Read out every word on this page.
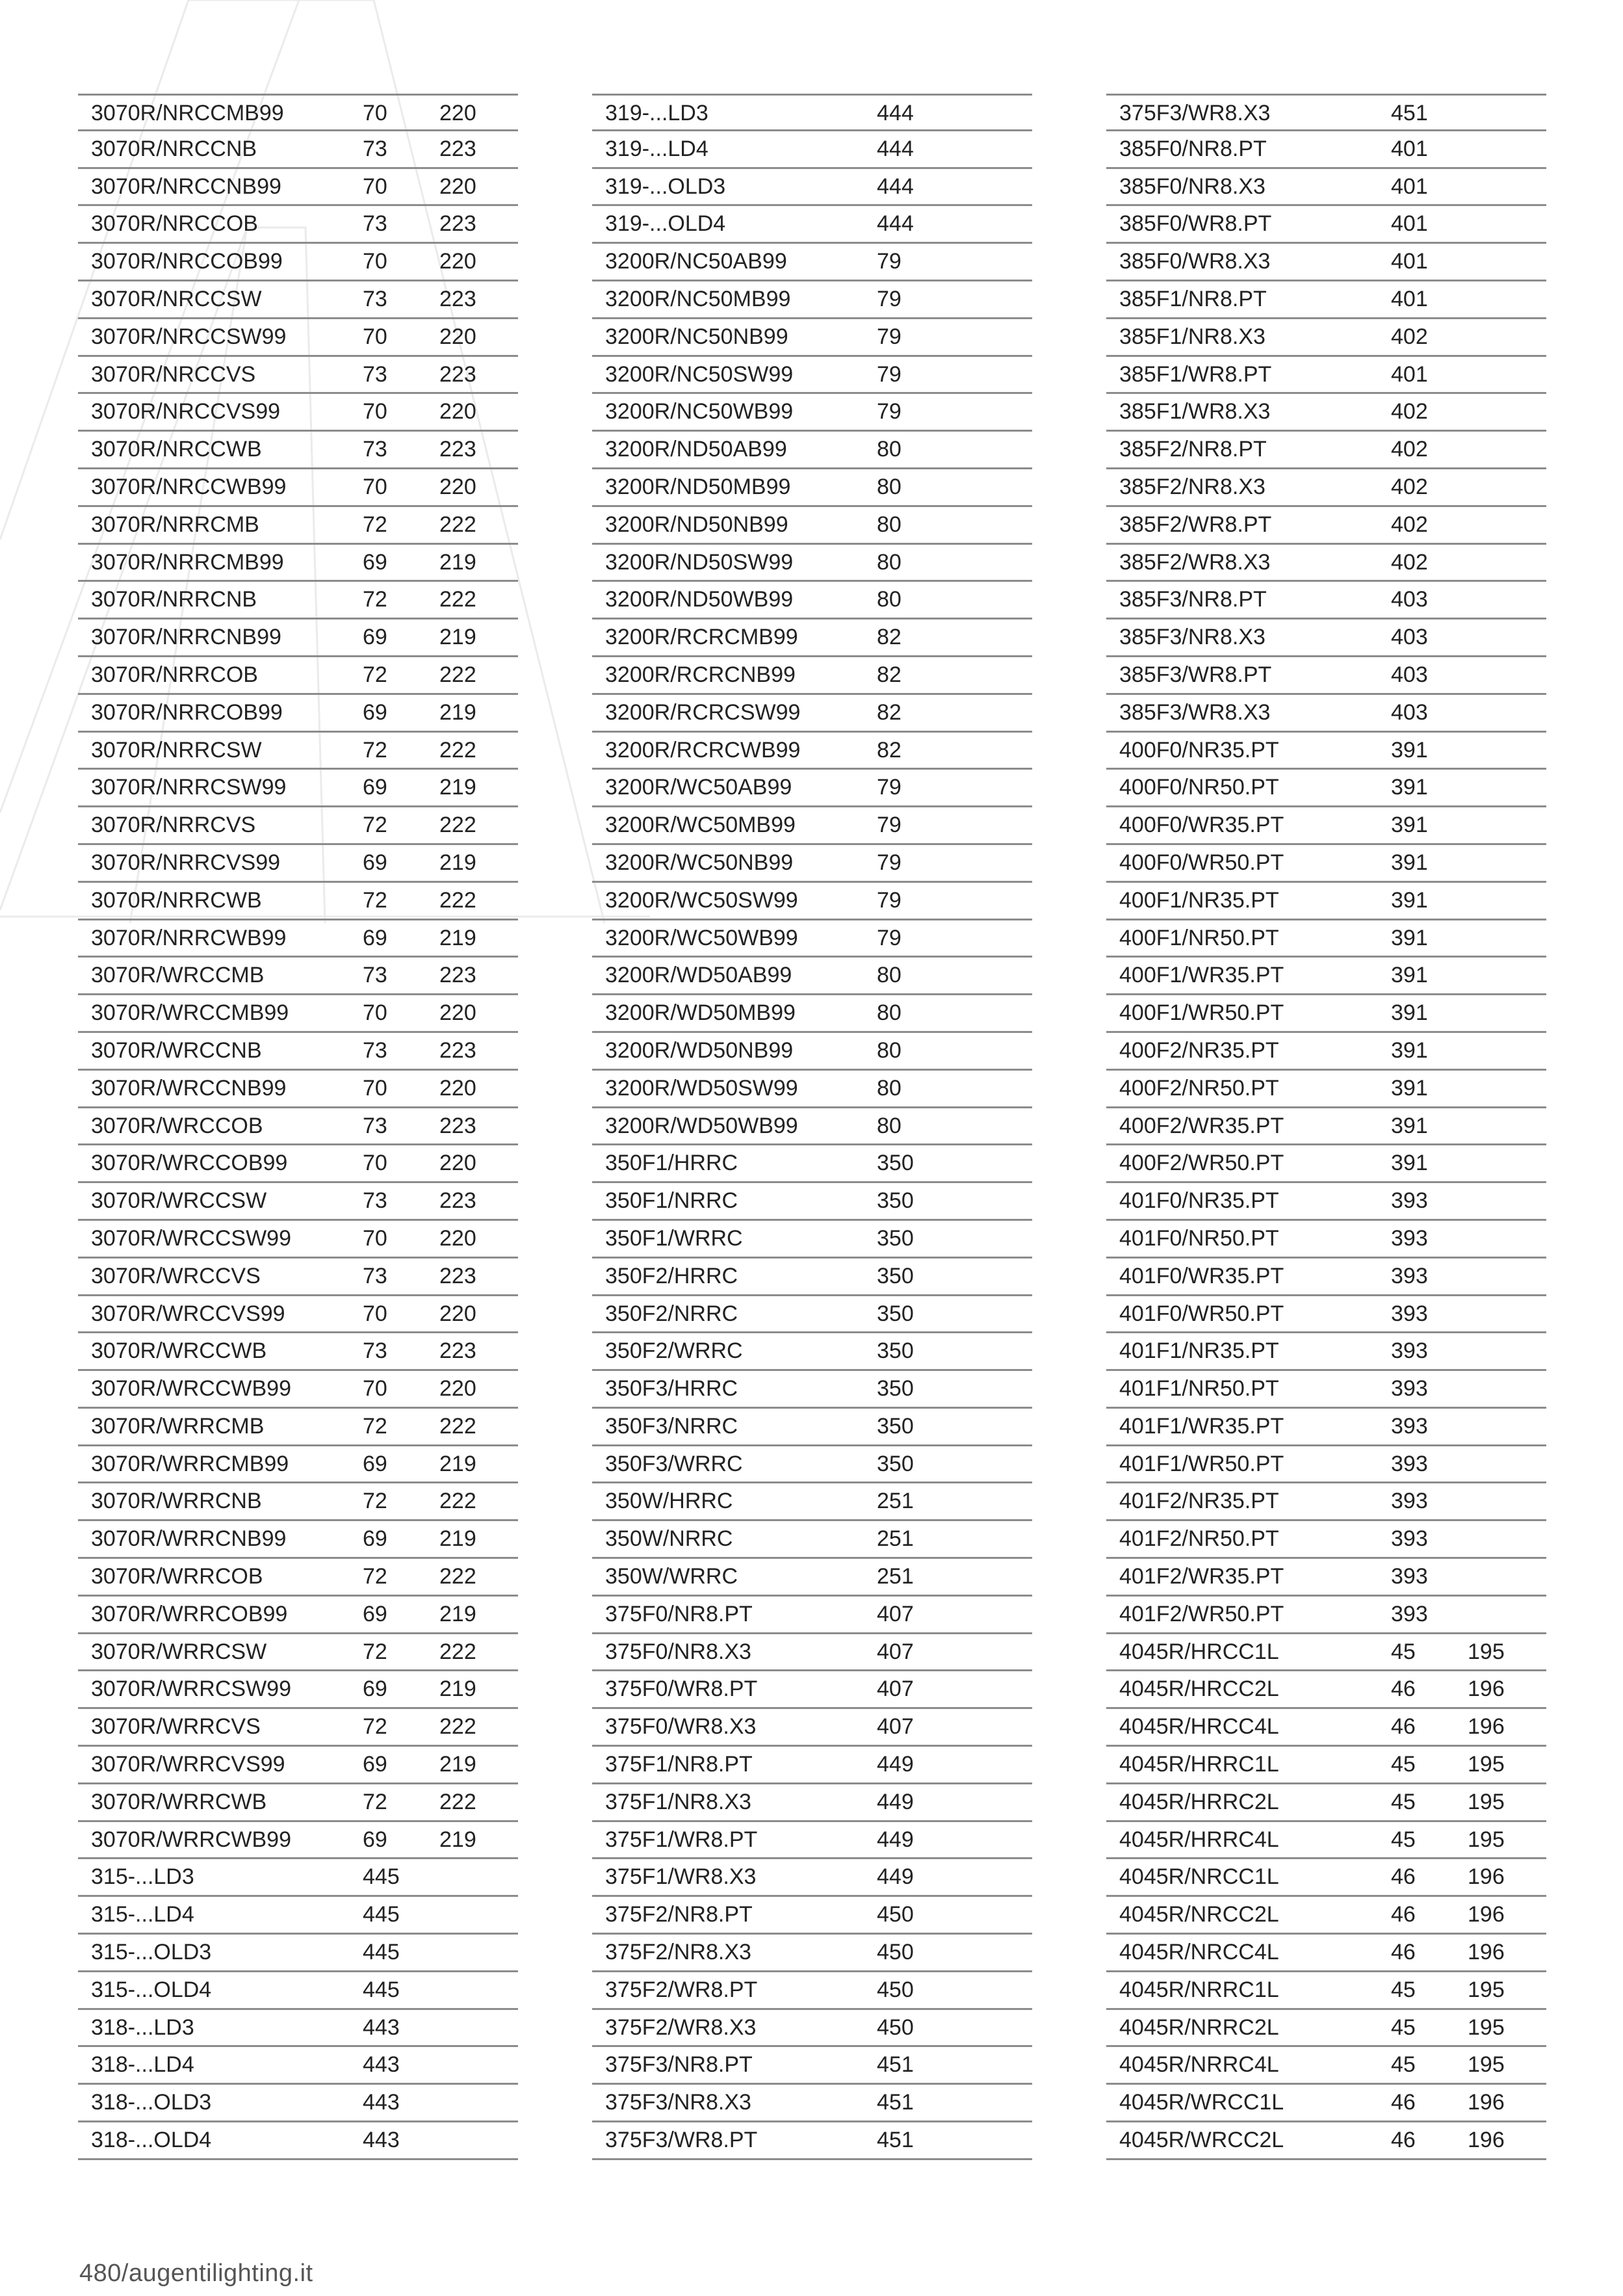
3070R/NRCCMB99	70 220
3070R/NRCCNB	73 223
3070R/NRCCNB99	70 220
3070R/NRCCOB	73 223
3070R/NRCCOB99	70 220
3070R/NRCCSW	73 223
3070R/NRCCSW99	70 220
3070R/NRCCVS	73 223
3070R/NRCCVS99	70 220
3070R/NRCCWB	73 223
3070R/NRCCWB99	70 220
3070R/NRRCMB	72 222
3070R/NRRCMB99	69 219
3070R/NRRCNB	72 222
3070R/NRRCNB99	69 219
3070R/NRRCOB	72 222
3070R/NRRCOB99	69 219
3070R/NRRCSW	72 222
3070R/NRRCSW99	69 219
3070R/NRRCVS	72 222
3070R/NRRCVS99	69 219
3070R/NRRCWB	72 222
3070R/NRRCWB99	69 219
3070R/WRCCMB	73 223
3070R/WRCCMB99	70 220
3070R/WRCCNB	73 223
3070R/WRCCNB99	70 220
3070R/WRCCOB	73 223
3070R/WRCCOB99	70 220
3070R/WRCCSW	73 223
3070R/WRCCSW99	70 220
3070R/WRCCVS	73 223
3070R/WRCCVS99	70 220
3070R/WRCCWB	73 223
3070R/WRCCWB99	70 220
3070R/WRRCMB	72 222
3070R/WRRCMB99	69 219
3070R/WRRCNB	72 222
3070R/WRRCNB99	69 219
3070R/WRRCOB	72 222
3070R/WRRCOB99	69 219
3070R/WRRCSW	72 222
3070R/WRRCSW99	69 219
3070R/WRRCVS	72 222
3070R/WRRCVS99	69 219
3070R/WRRCWB	72 222
3070R/WRRCWB99	69 219
315-...LD3	445
315-...LD4	445
315-...OLD3	445
315-...OLD4	445
318-...LD3	443
318-...LD4	443
318-...OLD3	443
318-...OLD4	443
319-...LD3	444
319-...LD4	444
319-...OLD3	444
319-...OLD4	444
3200R/NC50AB99	79
3200R/NC50MB99	79
3200R/NC50NB99	79
3200R/NC50SW99	79
3200R/NC50WB99	79
3200R/ND50AB99	80
3200R/ND50MB99	80
3200R/ND50NB99	80
3200R/ND50SW99	80
3200R/ND50WB99	80
3200R/RCRCMB99	82
3200R/RCRCNB99	82
3200R/RCRCSW99	82
3200R/RCRCWB99	82
3200R/WC50AB99	79
3200R/WC50MB99	79
3200R/WC50NB99	79
3200R/WC50SW99	79
3200R/WC50WB99	79
3200R/WD50AB99	80
3200R/WD50MB99	80
3200R/WD50NB99	80
3200R/WD50SW99	80
3200R/WD50WB99	80
350F1/HRRC	350
350F1/NRRC	350
350F1/WRRC	350
350F2/HRRC	350
350F2/NRRC	350
350F2/WRRC	350
350F3/HRRC	350
350F3/NRRC	350
350F3/WRRC	350
350W/HRRC	251
350W/NRRC	251
350W/WRRC	251
375F0/NR8.PT	407
375F0/NR8.X3	407
375F0/WR8.PT	407
375F0/WR8.X3	407
375F1/NR8.PT	449
375F1/NR8.X3	449
375F1/WR8.PT	449
375F1/WR8.X3	449
375F2/NR8.PT	450
375F2/NR8.X3	450
375F2/WR8.PT	450
375F2/WR8.X3	450
375F3/NR8.PT	451
375F3/NR8.X3	451
375F3/WR8.PT	451
375F3/WR8.X3	451
385F0/NR8.PT	401
385F0/NR8.X3	401
385F0/WR8.PT	401
385F0/WR8.X3	401
385F1/NR8.PT	401
385F1/NR8.X3	402
385F1/WR8.PT	401
385F1/WR8.X3	402
385F2/NR8.PT	402
385F2/NR8.X3	402
385F2/WR8.PT	402
385F2/WR8.X3	402
385F3/NR8.PT	403
385F3/NR8.X3	403
385F3/WR8.PT	403
385F3/WR8.X3	403
400F0/NR35.PT	391
400F0/NR50.PT	391
400F0/WR35.PT	391
400F0/WR50.PT	391
400F1/NR35.PT	391
400F1/NR50.PT	391
400F1/WR35.PT	391
400F1/WR50.PT	391
400F2/NR35.PT	391
400F2/NR50.PT	391
400F2/WR35.PT	391
400F2/WR50.PT	391
401F0/NR35.PT	393
401F0/NR50.PT	393
401F0/WR35.PT	393
401F0/WR50.PT	393
401F1/NR35.PT	393
401F1/NR50.PT	393
401F1/WR35.PT	393
401F1/WR50.PT	393
401F2/NR35.PT	393
401F2/NR50.PT	393
401F2/WR35.PT	393
401F2/WR50.PT	393
4045R/HRCC1L	45 195
4045R/HRCC2L	46 196
4045R/HRCC4L	46 196
4045R/HRRC1L	45 195
4045R/HRRC2L	45 195
4045R/HRRC4L	45 195
4045R/NRCC1L	46 196
4045R/NRCC2L	46 196
4045R/NRCC4L	46 196
4045R/NRRC1L	45 195
4045R/NRRC2L	45 195
4045R/NRRC4L	45 195
4045R/WRCC1L	46 196
4045R/WRCC2L	46 196
480/augentilighting.it
